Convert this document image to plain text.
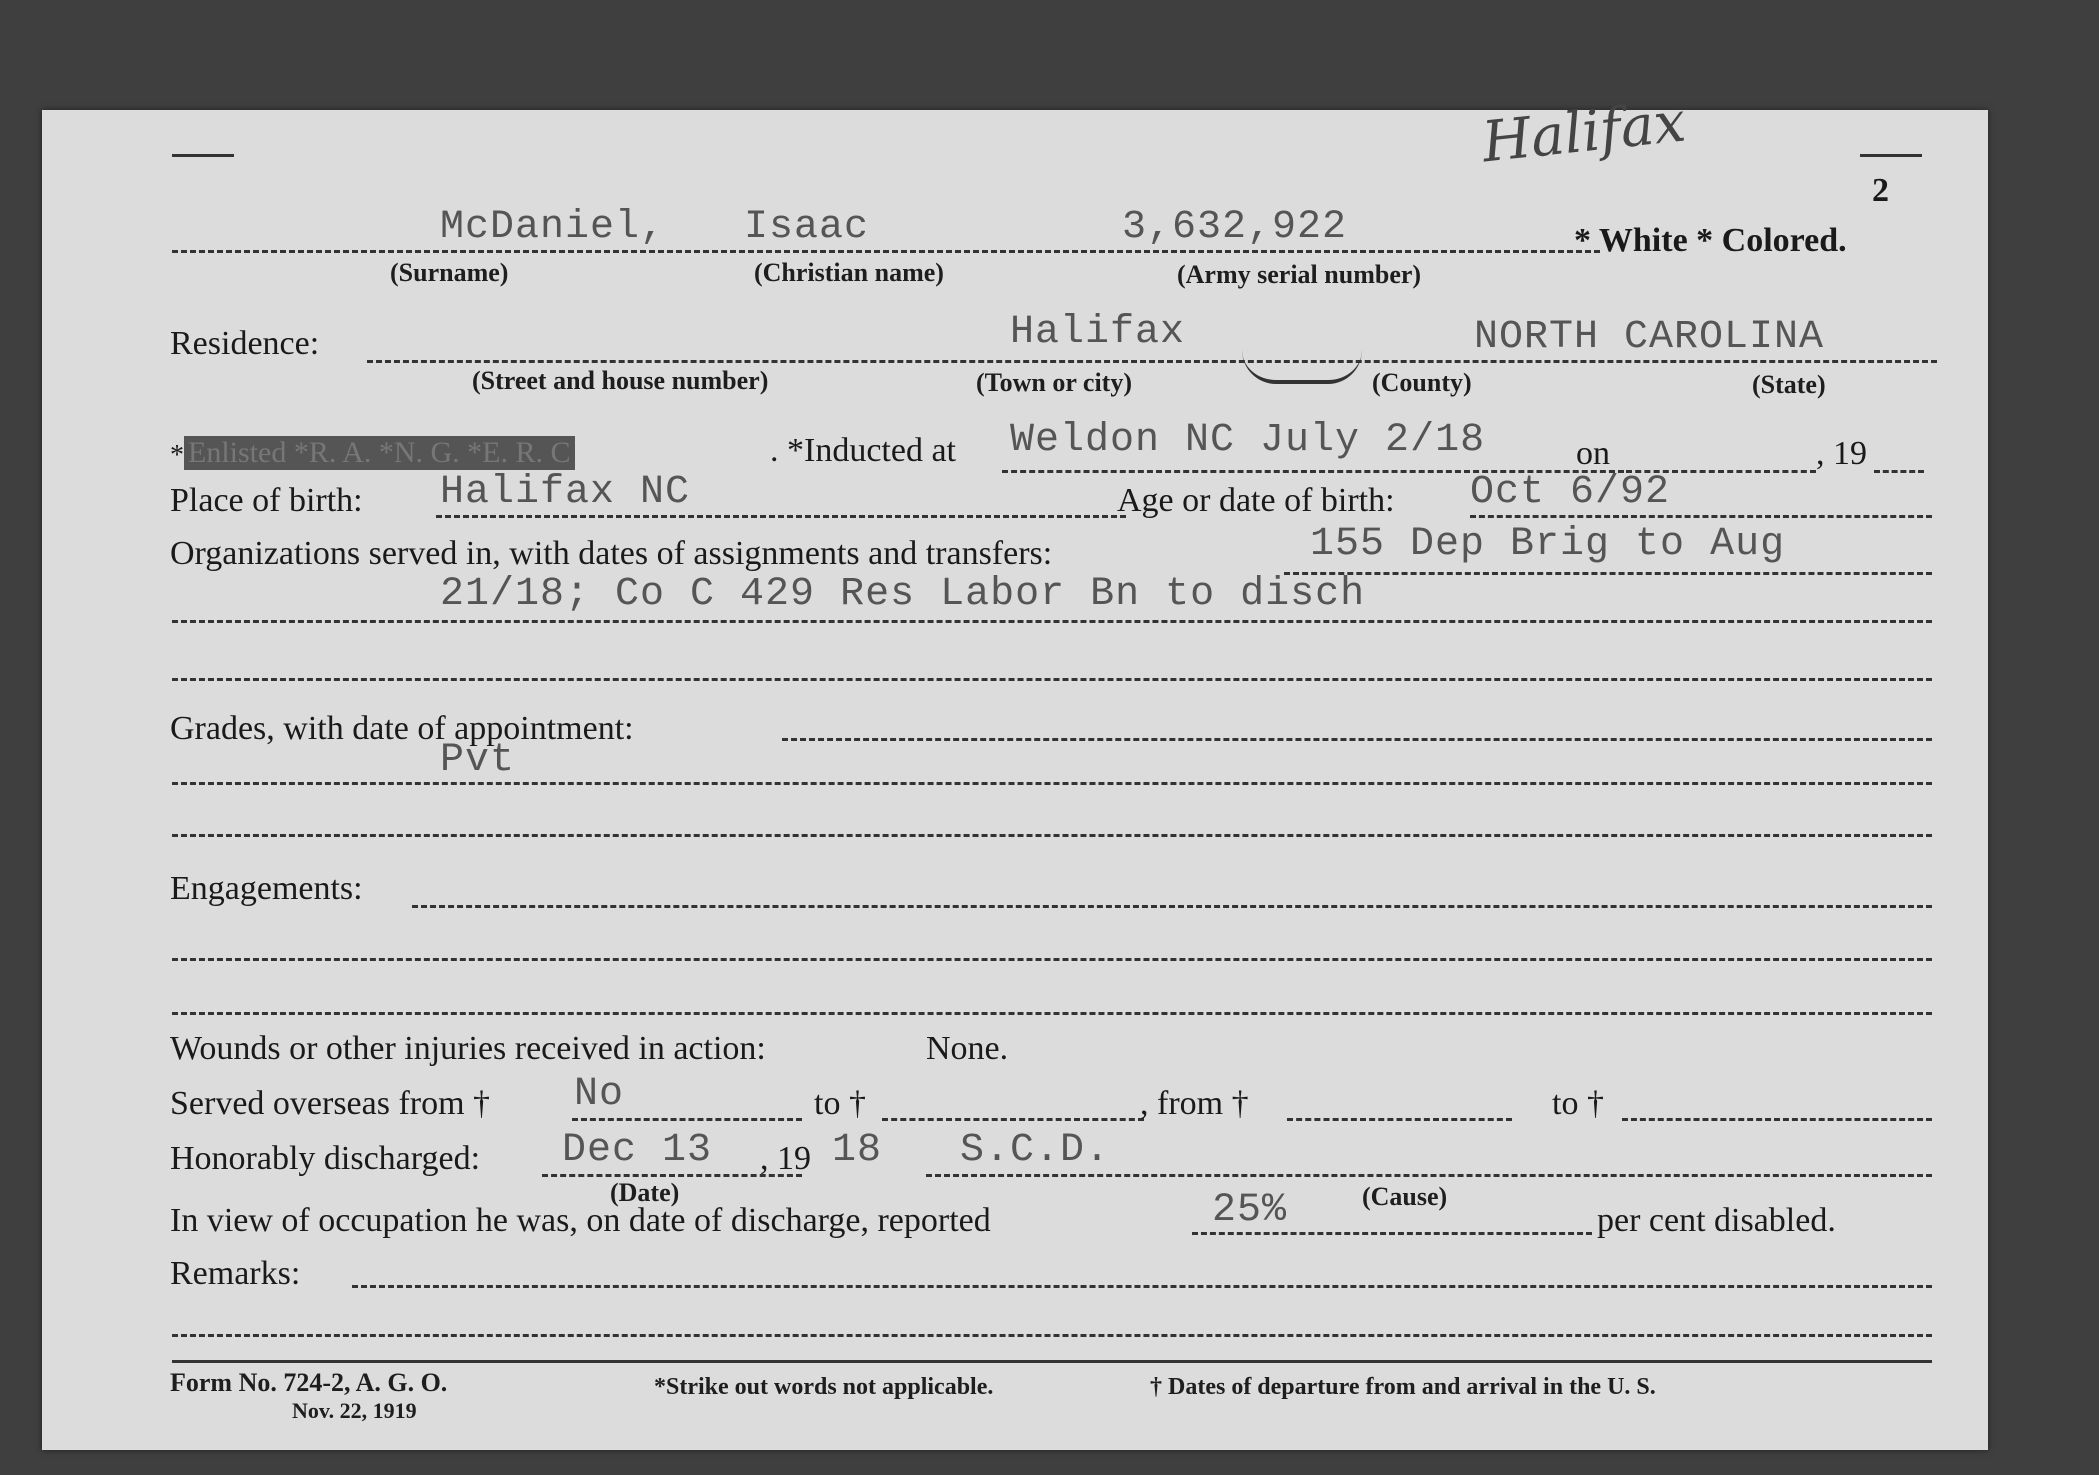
Halifax
2
McDaniel, Isaac	3,632,922	* White * Colored.
(Surname)	(Christian name)	(Army serial number)
Residence:	Halifax	NORTH CAROLINA
(Street and house number)	(Town or city)	(County)	(State)
* Enlisted *R. A. *N. G. *E. R. C	. *Inducted at Weldon NC July 2/18	on	, 19
Place of birth: Halifax NC	Age or date of birth: Oct 6/92
Organizations served in, with dates of assignments and transfers:	155 Dep Brig to Aug
21/18; Co C 429 Res Labor Bn to disch
Grades, with date of appointment:
Pvt
Engagements:
Wounds or other injuries received in action:	None.
Served overseas from † No	to †	, from †	to †
Honorably discharged: Dec 13 , 19 18 S.C.D.
(Date)	(Cause)
In view of occupation he was, on date of discharge, reported	25%	per cent disabled.
Remarks:
Form No. 724-2, A. G. O.
Nov. 22, 1919
*Strike out words not applicable.	† Dates of departure from and arrival in the U. S.
